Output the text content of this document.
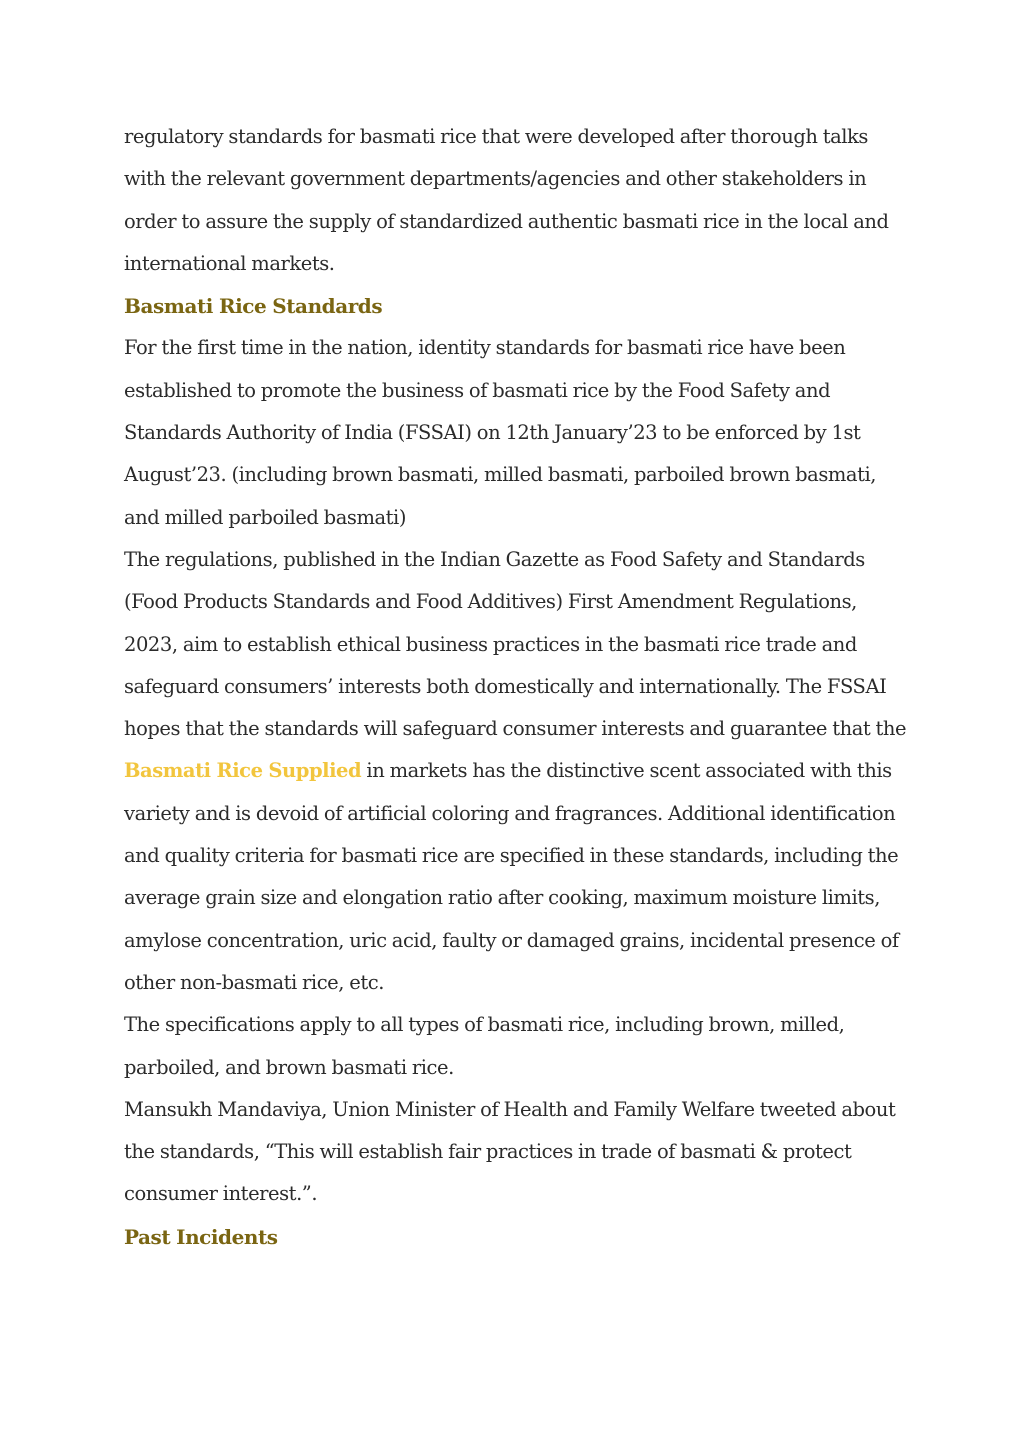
regulatory standards for basmati rice that were developed after thorough talks with the relevant government departments/agencies and other stakeholders in order to assure the supply of standardized authentic basmati rice in the local and international markets.

Basmati Rice Standards

For the first time in the nation, identity standards for basmati rice have been established to promote the business of basmati rice by the Food Safety and Standards Authority of India (FSSAI) on 12th January’23 to be enforced by 1st August’23. (including brown basmati, milled basmati, parboiled brown basmati, and milled parboiled basmati)

The regulations, published in the Indian Gazette as Food Safety and Standards (Food Products Standards and Food Additives) First Amendment Regulations, 2023, aim to establish ethical business practices in the basmati rice trade and safeguard consumers’ interests both domestically and internationally. The FSSAI hopes that the standards will safeguard consumer interests and guarantee that the Basmati Rice Supplied in markets has the distinctive scent associated with this variety and is devoid of artificial coloring and fragrances. Additional identification and quality criteria for basmati rice are specified in these standards, including the average grain size and elongation ratio after cooking, maximum moisture limits, amylose concentration, uric acid, faulty or damaged grains, incidental presence of other non-basmati rice, etc.

The specifications apply to all types of basmati rice, including brown, milled, parboiled, and brown basmati rice.

Mansukh Mandaviya, Union Minister of Health and Family Welfare tweeted about the standards, “This will establish fair practices in trade of basmati & protect consumer interest.”.

Past Incidents
